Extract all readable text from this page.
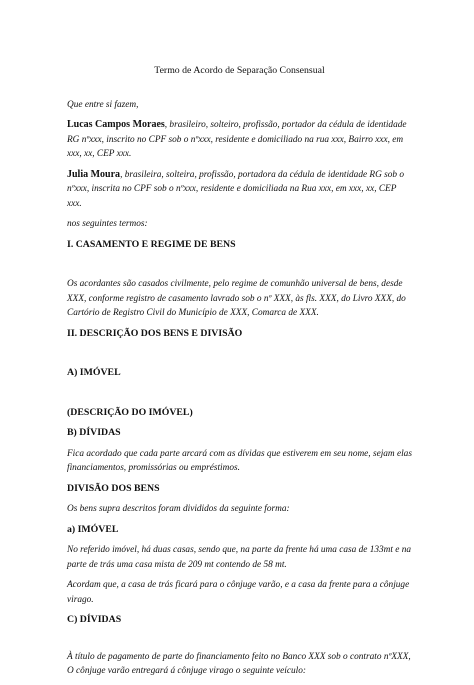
Termo de Acordo de Separação Consensual
Que entre si fazem,
Lucas Campos Moraes, brasileiro, solteiro, profissão, portador da cédula de identidade RG nºxxx, inscrito no CPF sob o nºxxx, residente e domiciliado na rua xxx, Bairro xxx, em xxx, xx, CEP xxx.
Julia Moura, brasileira, solteira, profissão, portadora da cédula de identidade RG sob o nºxxx, inscrita no CPF sob o nºxxx, residente e domiciliada na Rua xxx, em xxx, xx, CEP xxx.
nos seguintes termos:
I. CASAMENTO E REGIME DE BENS
Os acordantes são casados civilmente, pelo regime de comunhão universal de bens, desde XXX, conforme registro de casamento lavrado sob o nº XXX, às fls. XXX, do Livro XXX, do Cartório de Registro Civil do Município de XXX, Comarca de XXX.
II. DESCRIÇÃO DOS BENS E DIVISÃO
A) IMÓVEL
(DESCRIÇÃO DO IMÓVEL)
B) DÍVIDAS
Fica acordado que cada parte arcará com as dívidas que estiverem em seu nome, sejam elas financiamentos, promissórias ou empréstimos.
DIVISÃO DOS BENS
Os bens supra descritos foram divididos da seguinte forma:
a) IMÓVEL
No referido imóvel, há duas casas, sendo que, na parte da frente há uma casa de 133mt e na parte de trás uma casa mista de 209 mt contendo de 58 mt.
Acordam que, a casa de trás ficará para o cônjuge varão, e a casa da frente para a cônjuge virago.
C) DÍVIDAS
À título de pagamento de parte do financiamento feito no Banco XXX sob o contrato nºXXX, O cônjuge varão entregará á cônjuge virago o seguinte veículo:
